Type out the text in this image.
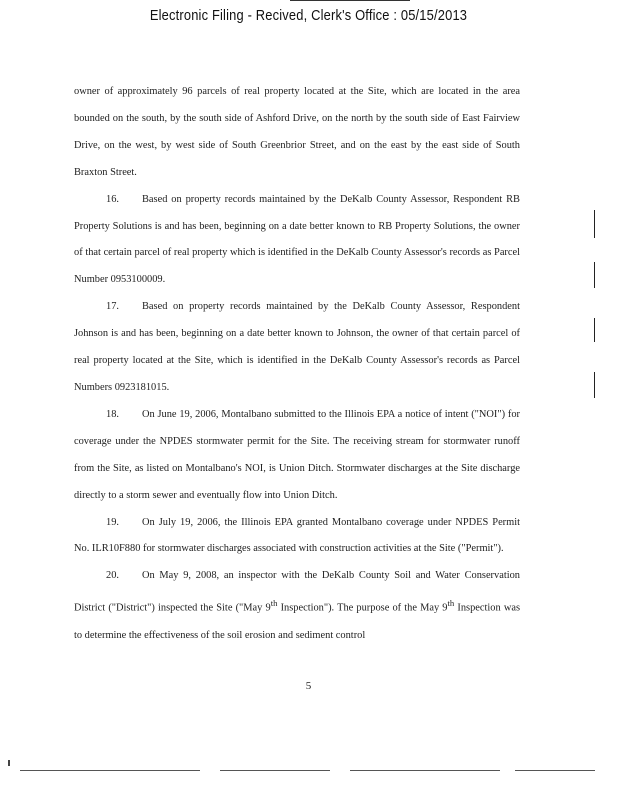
Electronic Filing - Recived, Clerk's Office : 05/15/2013

owner of approximately 96 parcels of real property located at the Site, which are located in the area bounded on the south, by the south side of Ashford Drive, on the north by the south side of East Fairview Drive, on the west, by west side of South Greenbrior Street, and on the east by the east side of South Braxton Street.

16. Based on property records maintained by the DeKalb County Assessor, Respondent RB Property Solutions is and has been, beginning on a date better known to RB Property Solutions, the owner of that certain parcel of real property which is identified in the DeKalb County Assessor's records as Parcel Number 0953100009.

17. Based on property records maintained by the DeKalb County Assessor, Respondent Johnson is and has been, beginning on a date better known to Johnson, the owner of that certain parcel of real property located at the Site, which is identified in the DeKalb County Assessor's records as Parcel Numbers 0923181015.

18. On June 19, 2006, Montalbano submitted to the Illinois EPA a notice of intent ("NOI") for coverage under the NPDES stormwater permit for the Site. The receiving stream for stormwater runoff from the Site, as listed on Montalbano's NOI, is Union Ditch. Stormwater discharges at the Site discharge directly to a storm sewer and eventually flow into Union Ditch.

19. On July 19, 2006, the Illinois EPA granted Montalbano coverage under NPDES Permit No. ILR10F880 for stormwater discharges associated with construction activities at the Site ("Permit").

20. On May 9, 2008, an inspector with the DeKalb County Soil and Water Conservation District ("District") inspected the Site ("May 9th Inspection"). The purpose of the May 9th Inspection was to determine the effectiveness of the soil erosion and sediment control

5
